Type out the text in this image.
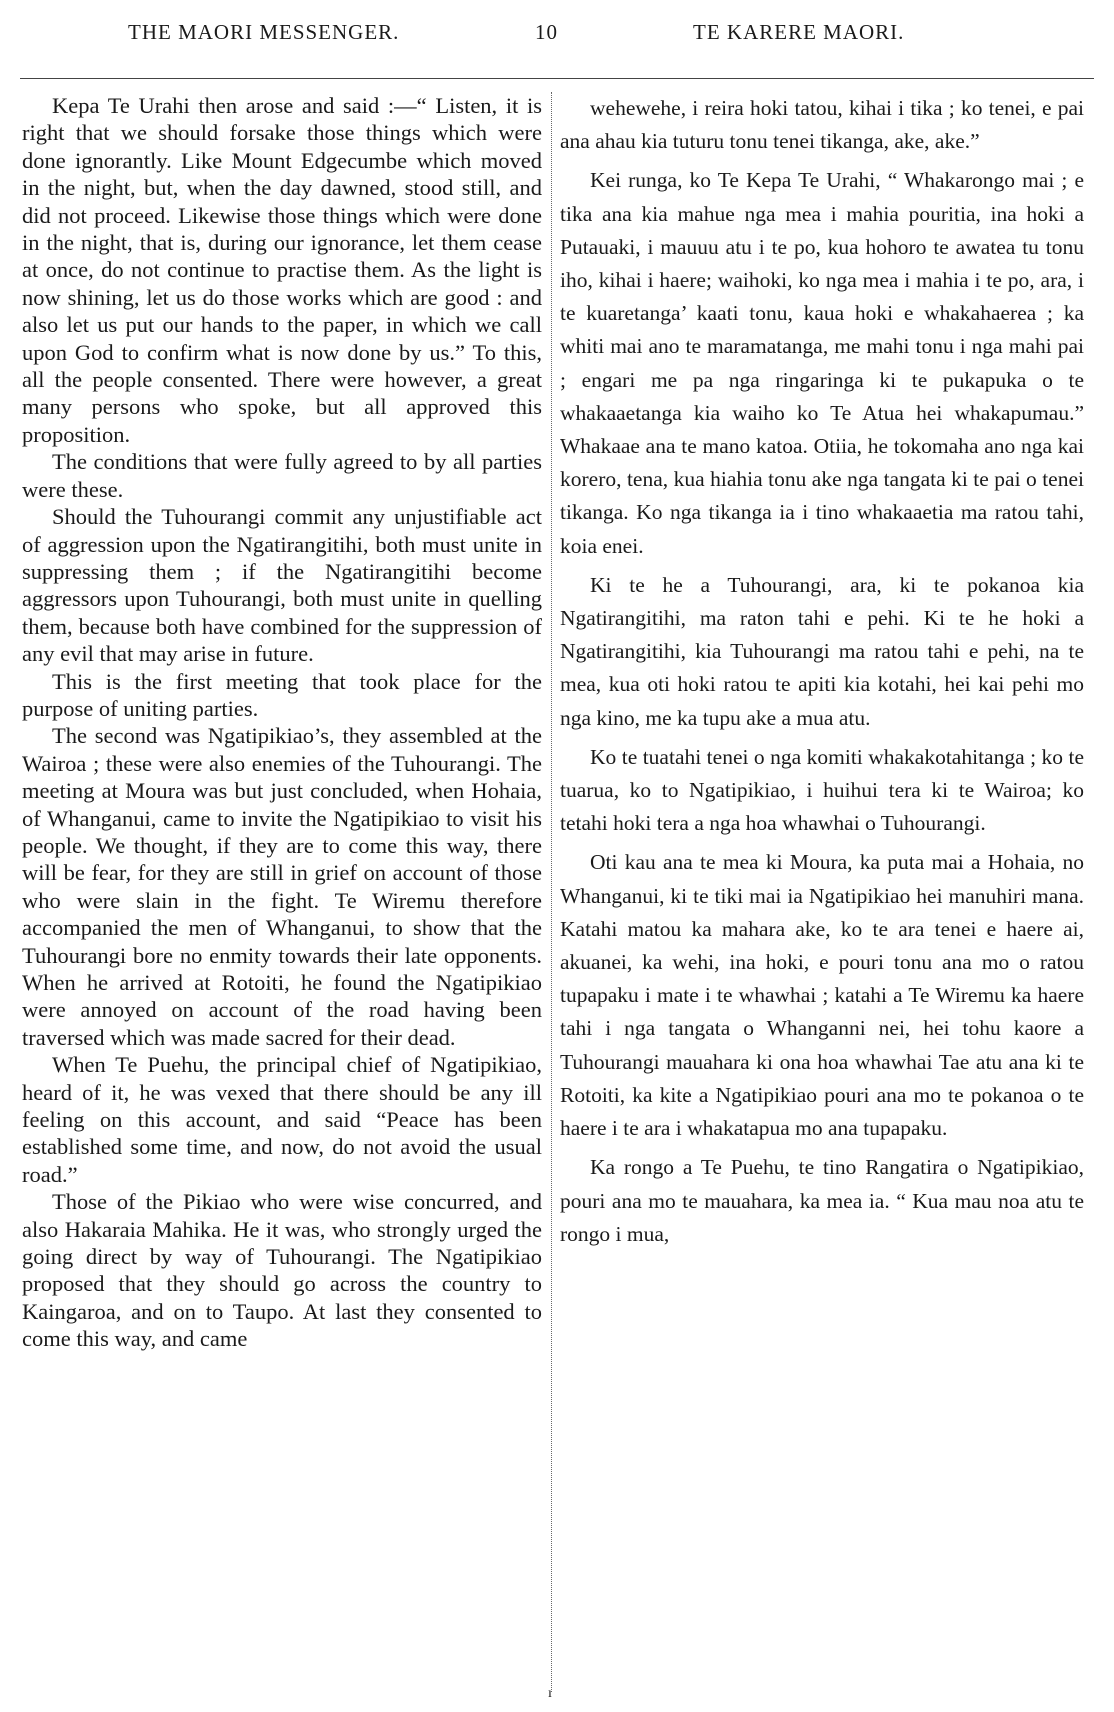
THE MAORI MESSENGER.	10	TE KARERE MAORI.

Kepa Te Urahi then arose and said :—“ Listen, it is right that we should forsake those things which were done ignorantly. Like Mount Edgecumbe which moved in the night, but, when the day dawned, stood still, and did not proceed. Likewise those things which were done in the night, that is, during our ignorance, let them cease at once, do not continue to practise them. As the light is now shining, let us do those works which are good : and also let us put our hands to the paper, in which we call upon God to confirm what is now done by us.” To this, all the people consented. There were however, a great many persons who spoke, but all approved this proposition.

The conditions that were fully agreed to by all parties were these.

Should the Tuhourangi commit any unjustifiable act of aggression upon the Ngatirangitihi, both must unite in suppressing them ; if the Ngatirangitihi become aggressors upon Tuhourangi, both must unite in quelling them, because both have combined for the suppression of any evil that may arise in future.

This is the first meeting that took place for the purpose of uniting parties.

The second was Ngatipikiao’s, they assembled at the Wairoa ; these were also enemies of the Tuhourangi. The meeting at Moura was but just concluded, when Hohaia, of Whanganui, came to invite the Ngatipikiao to visit his people. We thought, if they are to come this way, there will be fear, for they are still in grief on account of those who were slain in the fight. Te Wiremu therefore accompanied the men of Whanganui, to show that the Tuhourangi bore no enmity towards their late opponents. When he arrived at Rotoiti, he found the Ngatipikiao were annoyed on account of the road having been traversed which was made sacred for their dead.

When Te Puehu, the principal chief of Ngatipikiao, heard of it, he was vexed that there should be any ill feeling on this account, and said “Peace has been established some time, and now, do not avoid the usual road.”

Those of the Pikiao who were wise concurred, and also Hakaraia Mahika. He it was, who strongly urged the going direct by way of Tuhourangi. The Ngatipikiao proposed that they should go across the country to Kaingaroa, and on to Taupo. At last they consented to come this way, and came

wehewehe, i reira hoki tatou, kihai i tika ; ko tenei, e pai ana ahau kia tuturu tonu tenei tikanga, ake, ake.”

Kei runga, ko Te Kepa Te Urahi, “ Whakarongo mai ; e tika ana kia mahue nga mea i mahia pouritia, ina hoki a Putauaki, i mauuu atu i te po, kua hohoro te awatea tu tonu iho, kihai i haere; waihoki, ko nga mea i mahia i te po, ara, i te kuaretanga’ kaati tonu, kaua hoki e whakahaerea ; ka whiti mai ano te maramatanga, me mahi tonu i nga mahi pai ; engari me pa nga ringaringa ki te pukapuka o te whakaaetanga kia waiho ko Te Atua hei whakapumau.” Whakaae ana te mano katoa. Otiia, he tokomaha ano nga kai korero, tena, kua hiahia tonu ake nga tangata ki te pai o tenei tikanga. Ko nga tikanga ia i tino whakaaetia ma ratou tahi, koia enei.

Ki te he a Tuhourangi, ara, ki te pokanoa kia Ngatirangitihi, ma raton tahi e pehi. Ki te he hoki a Ngatirangitihi, kia Tuhourangi ma ratou tahi e pehi, na te mea, kua oti hoki ratou te apiti kia kotahi, hei kai pehi mo nga kino, me ka tupu ake a mua atu.

Ko te tuatahi tenei o nga komiti whakakotahitanga ; ko te tuarua, ko to Ngatipikiao, i huihui tera ki te Wairoa; ko tetahi hoki tera a nga hoa whawhai o Tuhourangi.

Oti kau ana te mea ki Moura, ka puta mai a Hohaia, no Whanganui, ki te tiki mai ia Ngatipikiao hei manuhiri mana. Katahi matou ka mahara ake, ko te ara tenei e haere ai, akuanei, ka wehi, ina hoki, e pouri tonu ana mo o ratou tupapaku i mate i te whawhai ; katahi a Te Wiremu ka haere tahi i nga tangata o Whanganni nei, hei tohu kaore a Tuhourangi mauahara ki ona hoa whawhai Tae atu ana ki te Rotoiti, ka kite a Ngatipikiao pouri ana mo te pokanoa o te haere i te ara i whakatapua mo ana tupapaku.

Ka rongo a Te Puehu, te tino Rangatira o Ngatipikiao, pouri ana mo te mauahara, ka mea ia. “ Kua mau noa atu te rongo i mua,

ı
